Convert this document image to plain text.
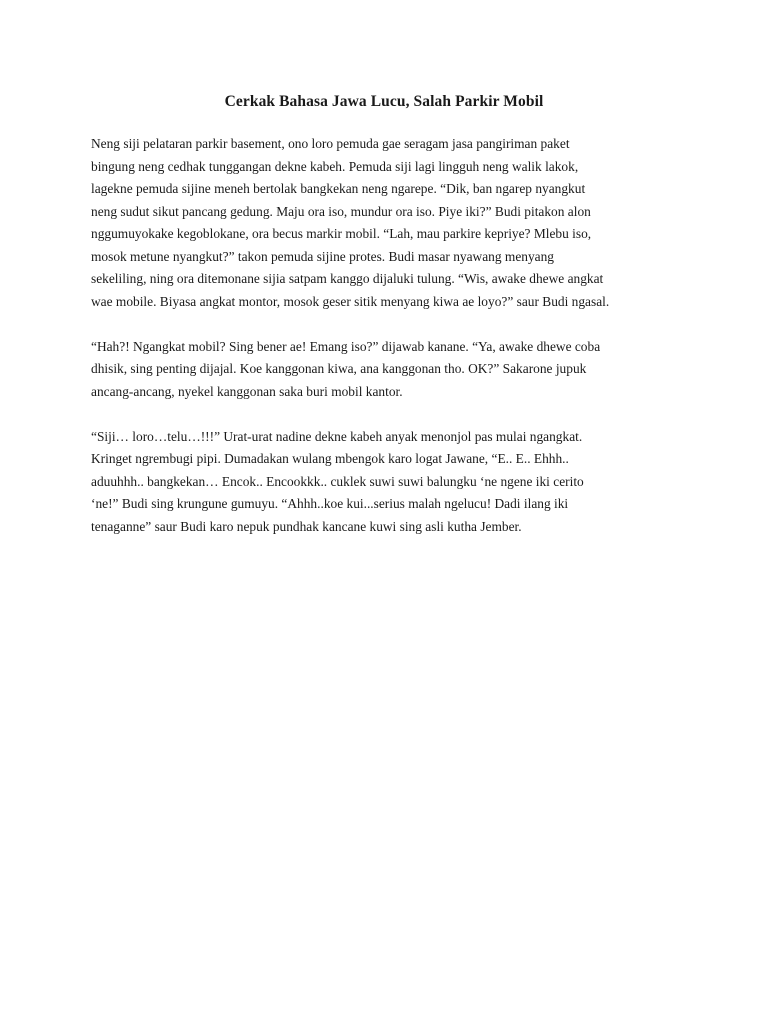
Cerkak Bahasa Jawa Lucu, Salah Parkir Mobil

Neng siji pelataran parkir basement, ono loro pemuda gae seragam jasa pangiriman paket
bingung neng cedhak tunggangan dekne kabeh. Pemuda siji lagi lingguh neng walik lakok,
lagekne pemuda sijine meneh bertolak bangkekan neng ngarepe. “Dik, ban ngarep nyangkut
neng sudut sikut pancang gedung. Maju ora iso, mundur ora iso. Piye iki?” Budi pitakon alon
nggumuyokake kegoblokane, ora becus markir mobil. “Lah, mau parkire kepriye? Mlebu iso,
mosok metune nyangkut?” takon pemuda sijine protes. Budi masar nyawang menyang
sekeliling, ning ora ditemonane sijia satpam kanggo dijaluki tulung. “Wis, awake dhewe angkat
wae mobile. Biyasa angkat montor, mosok geser sitik menyang kiwa ae loyo?” saur Budi ngasal.

“Hah?! Ngangkat mobil? Sing bener ae! Emang iso?” dijawab kanane. “Ya, awake dhewe coba
dhisik, sing penting dijajal. Koe kanggonan kiwa, ana kanggonan tho. OK?” Sakarone jupuk
ancang-ancang, nyekel kanggonan saka buri mobil kantor.

“Siji… loro…telu…!!!” Urat-urat nadine dekne kabeh anyak menonjol pas mulai ngangkat.
Kringet ngrembugi pipi. Dumadakan wulang mbengok karo logat Jawane, “E.. E.. Ehhh..
aduuhhh.. bangkekan… Encok.. Encookkk.. cuklek suwi suwi balungku ‘ne ngene iki cerito
‘ne!” Budi sing krungune gumuyu. “Ahhh..koe kui...serius malah ngelucu! Dadi ilang iki
tenaganne” saur Budi karo nepuk pundhak kancane kuwi sing asli kutha Jember.
